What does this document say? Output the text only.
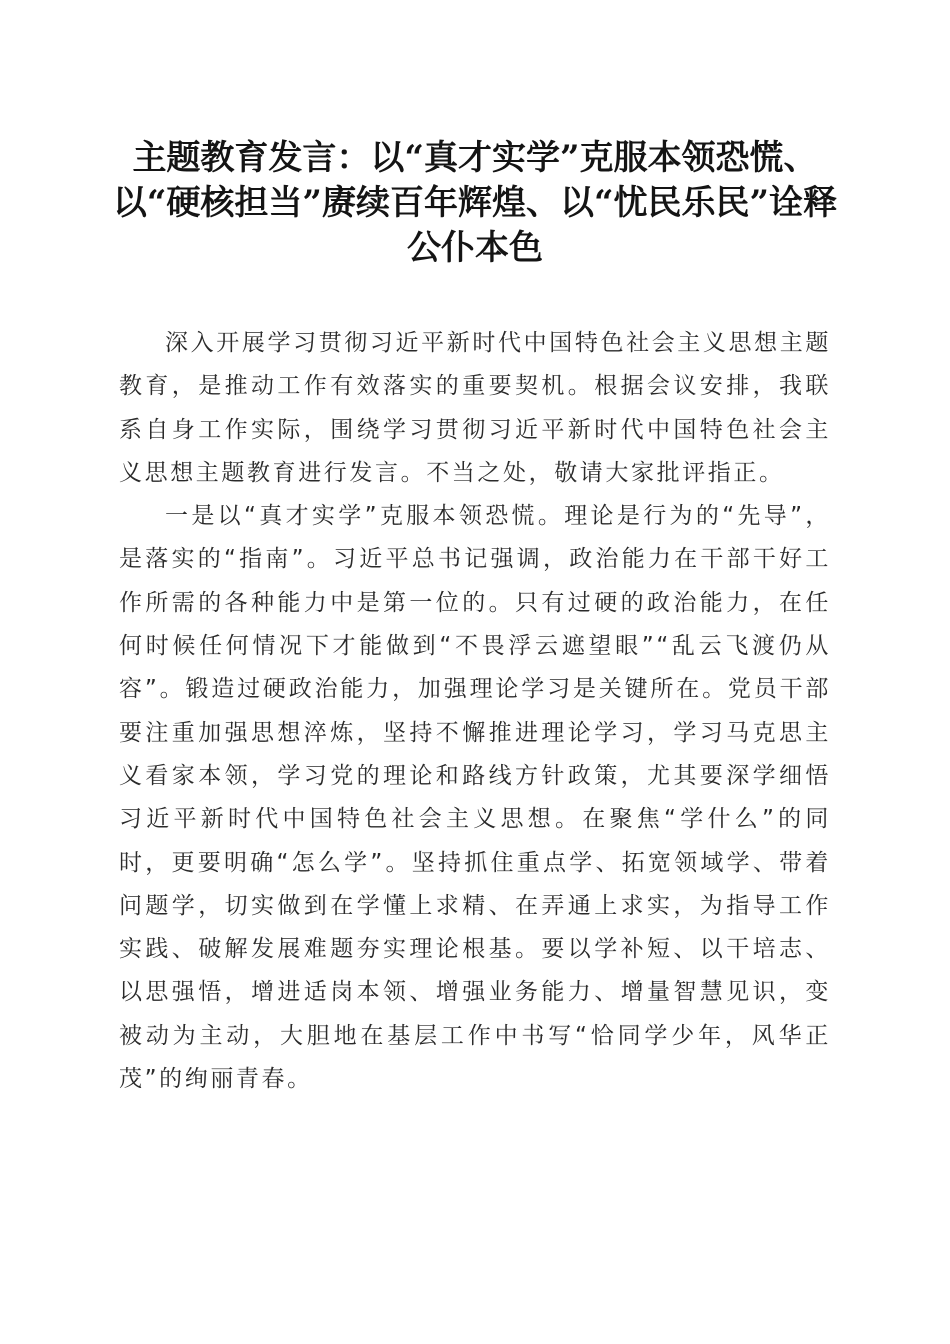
主题教育发言：以“真才实学”克服本领恐慌、以“硬核担当”赓续百年辉煌、以“忧民乐民”诠释公仆本色

深入开展学习贯彻习近平新时代中国特色社会主义思想主题教育，是推动工作有效落实的重要契机。根据会议安排，我联系自身工作实际，围绕学习贯彻习近平新时代中国特色社会主义思想主题教育进行发言。不当之处，敬请大家批评指正。

一是以“真才实学”克服本领恐慌。理论是行为的“先导”，是落实的“指南”。习近平总书记强调，政治能力在干部干好工作所需的各种能力中是第一位的。只有过硬的政治能力，在任何时候任何情况下才能做到“不畏浮云遮望眼”“乱云飞渡仍从容”。锻造过硬政治能力，加强理论学习是关键所在。党员干部要注重加强思想淬炼，坚持不懈推进理论学习，学习马克思主义看家本领，学习党的理论和路线方针政策，尤其要深学细悟习近平新时代中国特色社会主义思想。在聚焦“学什么”的同时，更要明确“怎么学”。坚持抓住重点学、拓宽领域学、带着问题学，切实做到在学懂上求精、在弄通上求实，为指导工作实践、破解发展难题夯实理论根基。要以学补短、以干培志、以思强悟，增进适岗本领、增强业务能力、增量智慧见识，变被动为主动，大胆地在基层工作中书写“恰同学少年，风华正茂”的绚丽青春。
